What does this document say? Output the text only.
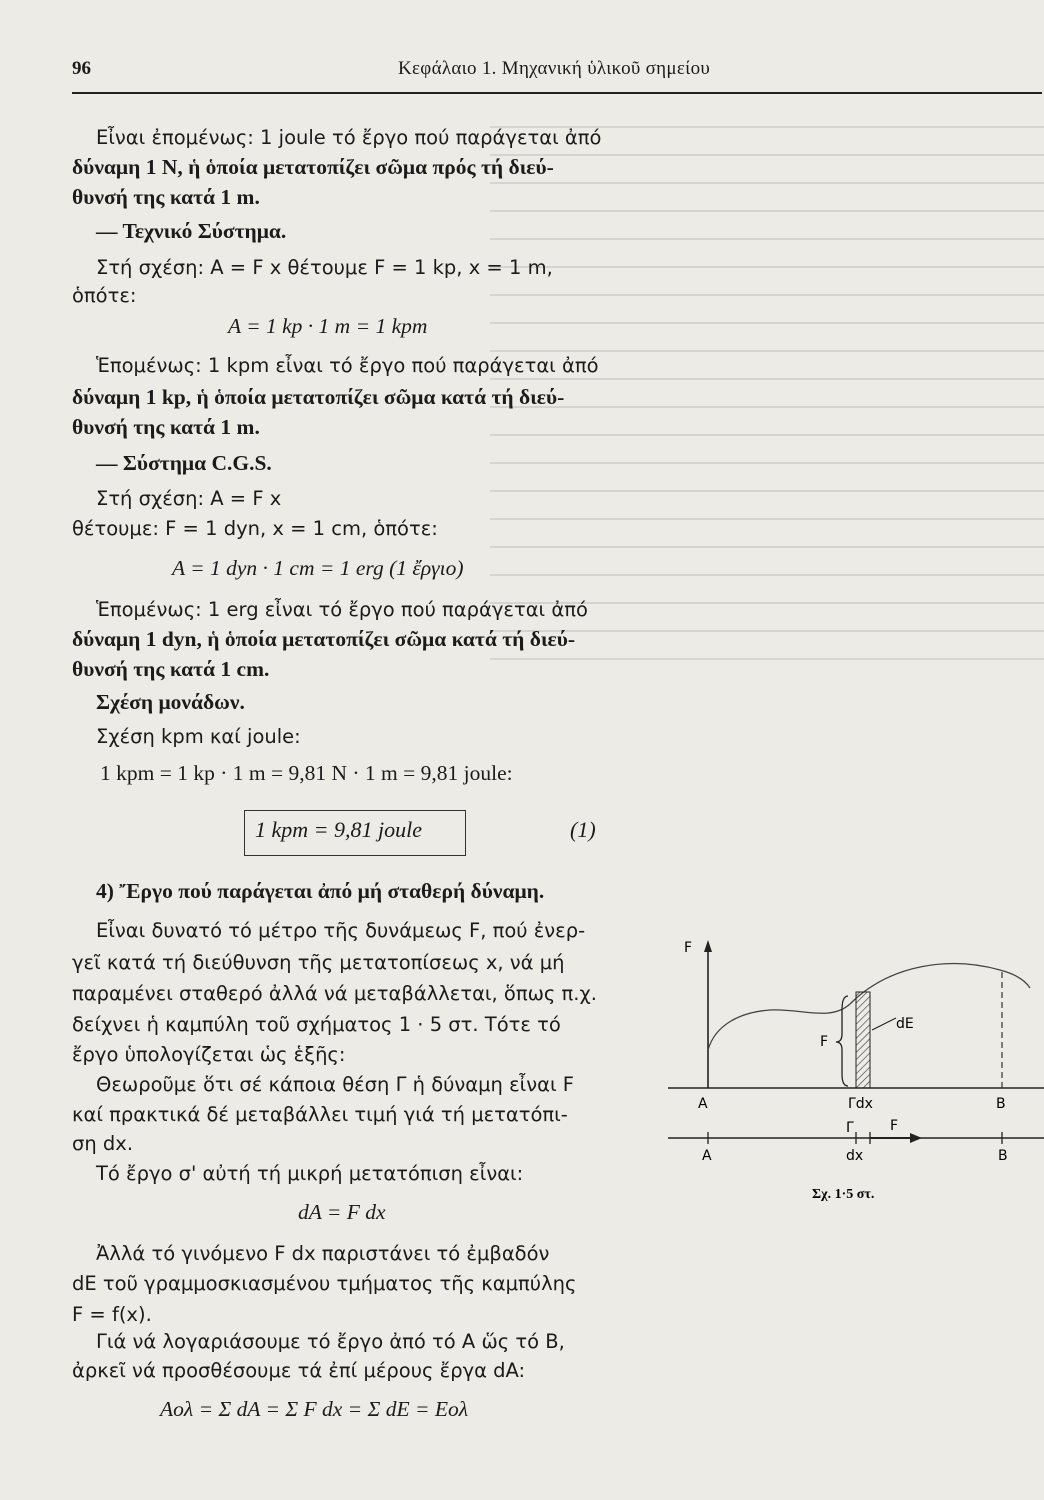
96	Κεφάλαιο 1. Μηχανική ὑλικοῦ σημείου
Εἶναι ἐπομένως: 1 joule τό ἔργο πού παράγεται ἀπό
δύναμη 1 Ν, ἡ ὁποία μετατοπίζει σῶμα πρός τή διεύ-
θυνσή της κατά 1 m.
— Τεχνικό Σύστημα.
Στή σχέση: A = F x θέτουμε F = 1 kp, x = 1 m,
ὁπότε:
A = 1 kp · 1 m = 1 kpm
Ἑπομένως: 1 kpm εἶναι τό ἔργο πού παράγεται ἀπό
δύναμη 1 kp, ἡ ὁποία μετατοπίζει σῶμα κατά τή διεύ-
θυνσή της κατά 1 m.
— Σύστημα C.G.S.
Στή σχέση: A = F x
θέτουμε: F = 1 dyn, x = 1 cm, ὁπότε:
A = 1 dyn · 1 cm = 1 erg (1 ἔργιο)
Ἑπομένως: 1 erg εἶναι τό ἔργο πού παράγεται ἀπό
δύναμη 1 dyn, ἡ ὁποία μετατοπίζει σῶμα κατά τή διεύ-
θυνσή της κατά 1 cm.
Σχέση μονάδων.
Σχέση kpm καί joule:
1 kpm = 1 kp · 1 m = 9,81 N · 1 m = 9,81 joule:
1 kpm = 9,81 joule	(1)
4) Ἔργο πού παράγεται ἀπό μή σταθερή δύναμη.
Εἶναι δυνατό τό μέτρο τῆς δυνάμεως F, πού ἐνερ-
γεῖ κατά τή διεύθυνση τῆς μετατοπίσεως x, νά μή
παραμένει σταθερό ἀλλά νά μεταβάλλεται, ὅπως π.χ.
δείχνει ἡ καμπύλη τοῦ σχήματος 1 · 5 στ. Τότε τό
ἔργο ὑπολογίζεται ὡς ἑξῆς:
Θεωροῦμε ὅτι σέ κάποια θέση Γ ἡ δύναμη εἶναι F
καί πρακτικά δέ μεταβάλλει τιμή γιά τή μετατόπι-
ση dx.
Τό ἔργο σ' αὐτή τή μικρή μετατόπιση εἶναι:
dA = F dx
Ἀλλά τό γινόμενο F dx παριστάνει τό ἐμβαδόν
dE τοῦ γραμμοσκιασμένου τμήματος τῆς καμπύλης
F = f(x).
Γιά νά λογαριάσουμε τό ἔργο ἀπό τό A ὥς τό B,
ἀρκεῖ νά προσθέσουμε τά ἐπί μέρους ἔργα dA:
Aολ = Σ dA = Σ F dx = Σ dE = Eολ
F
F
dE
A	Γdx	B
Γ	F
A	dx	B
Σχ. 1·5 στ.
